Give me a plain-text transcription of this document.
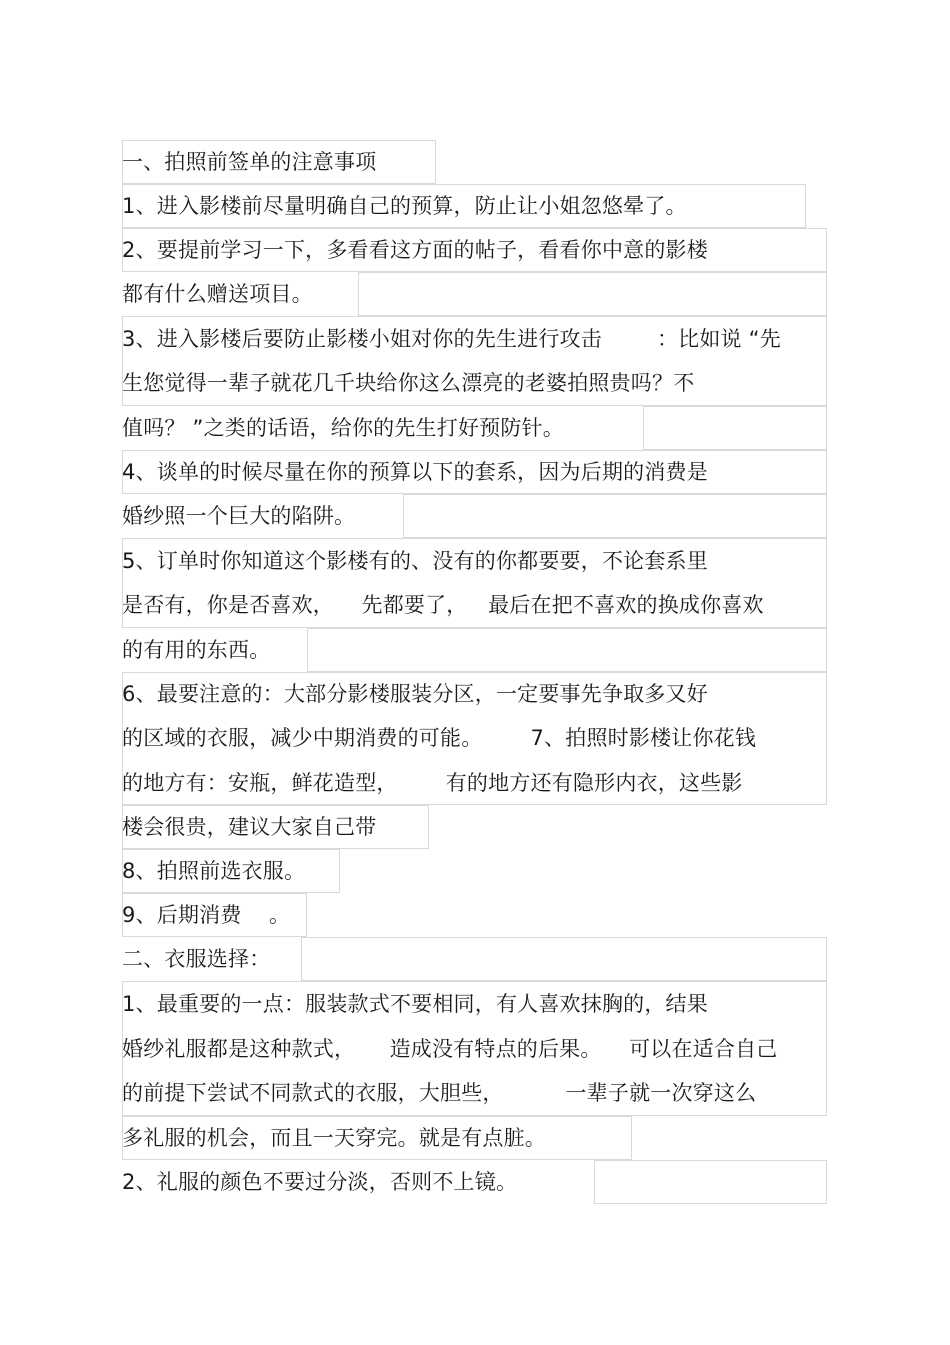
一、拍照前签单的注意事项
1、进入影楼前尽量明确自己的预算，防止让小姐忽悠晕了。
2、要提前学习一下，多看看这方面的帖子，看看你中意的影楼
都有什么赠送项目。
3、进入影楼后要防止影楼小姐对你的先生进行攻击        ：比如说 “先
生您觉得一辈子就花几千块给你这么漂亮的老婆拍照贵吗？不
值吗？ ”之类的话语，给你的先生打好预防针。
4、谈单的时候尽量在你的预算以下的套系，因为后期的消费是
婚纱照一个巨大的陷阱。
5、订单时你知道这个影楼有的、没有的你都要要，不论套系里
是否有，你是否喜欢，    先都要了，   最后在把不喜欢的换成你喜欢
的有用的东西。
6、最要注意的：大部分影楼服装分区，一定要事先争取多又好
的区域的衣服，减少中期消费的可能。       7、拍照时影楼让你花钱
的地方有：安瓶，鲜花造型，       有的地方还有隐形内衣，这些影
楼会很贵，建议大家自己带
8、拍照前选衣服。
9、后期消费    。
二、衣服选择：
1、最重要的一点：服装款式不要相同，有人喜欢抹胸的，结果
婚纱礼服都是这种款式，     造成没有特点的后果。    可以在适合自己
的前提下尝试不同款式的衣服，大胆些，         一辈子就一次穿这么
多礼服的机会，而且一天穿完。就是有点脏。
2、礼服的颜色不要过分淡，否则不上镜。
